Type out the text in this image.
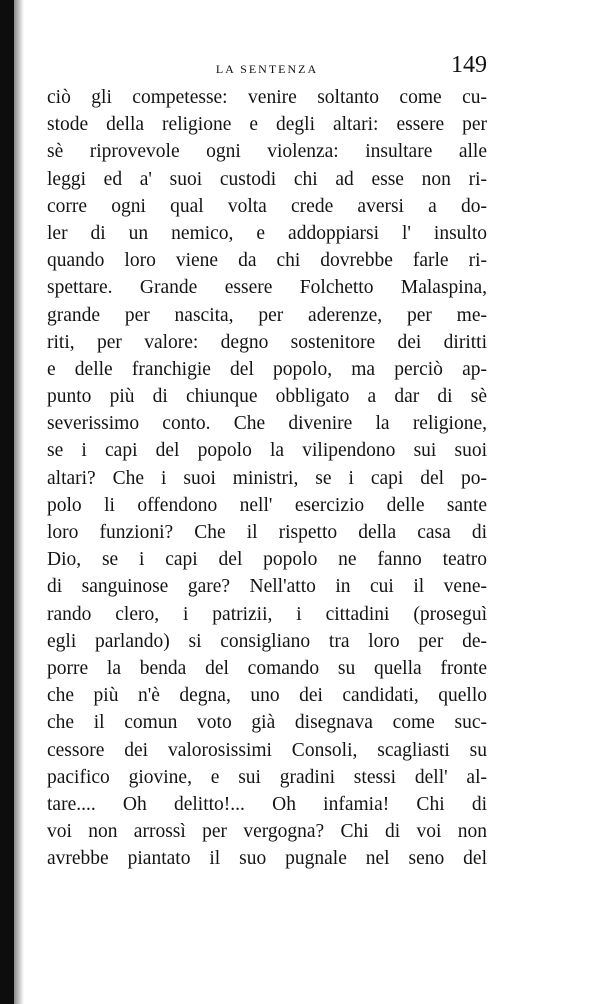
LA SENTENZA	149
ciò gli competesse: venire soltanto come cu-
stode della religione e degli altari: essere per
sè riprovevole ogni violenza: insultare alle
leggi ed a' suoi custodi chi ad esse non ri-
corre ogni qual volta crede aversi a do-
ler di un nemico, e addoppiarsi l' insulto
quando loro viene da chi dovrebbe farle ri-
spettare. Grande essere Folchetto Malaspina,
grande per nascita, per aderenze, per me-
riti, per valore: degno sostenitore dei diritti
e delle franchigie del popolo, ma perciò ap-
punto più di chiunque obbligato a dar di sè
severissimo conto. Che divenire la religione,
se i capi del popolo la vilipendono sui suoi
altari? Che i suoi ministri, se i capi del po-
polo li offendono nell' esercizio delle sante
loro funzioni? Che il rispetto della casa di
Dio, se i capi del popolo ne fanno teatro
di sanguinose gare? Nell'atto in cui il vene-
rando clero, i patrizii, i cittadini (proseguì
egli parlando) si consigliano tra loro per de-
porre la benda del comando su quella fronte
che più n'è degna, uno dei candidati, quello
che il comun voto già disegnava come suc-
cessore dei valorosissimi Consoli, scagliasti su
pacifico giovine, e sui gradini stessi dell' al-
tare.... Oh delitto!... Oh infamia! Chi di
voi non arrossì per vergogna? Chi di voi non
avrebbe piantato il suo pugnale nel seno del
